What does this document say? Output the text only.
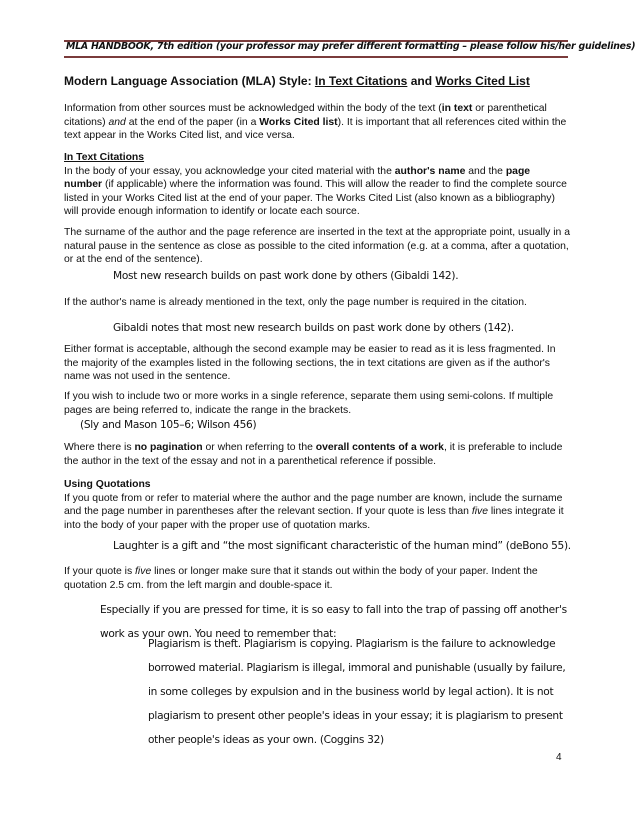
MLA HANDBOOK, 7th edition (your professor may prefer different formatting – please follow his/her guidelines)
Modern Language Association (MLA) Style: In Text Citations and Works Cited List
Information from other sources must be acknowledged within the body of the text (in text or parenthetical citations) and at the end of the paper (in a Works Cited list). It is important that all references cited within the text appear in the Works Cited list, and vice versa.
In Text Citations
In the body of your essay, you acknowledge your cited material with the author's name and the page number (if applicable) where the information was found. This will allow the reader to find the complete source listed in your Works Cited list at the end of your paper. The Works Cited List (also known as a bibliography) will provide enough information to identify or locate each source.
The surname of the author and the page reference are inserted in the text at the appropriate point, usually in a natural pause in the sentence as close as possible to the cited information (e.g. at a comma, after a quotation, or at the end of the sentence).
Most new research builds on past work done by others (Gibaldi 142).
If the author's name is already mentioned in the text, only the page number is required in the citation.
Gibaldi notes that most new research builds on past work done by others (142).
Either format is acceptable, although the second example may be easier to read as it is less fragmented. In the majority of the examples listed in the following sections, the in text citations are given as if the author's name was not used in the sentence.
If you wish to include two or more works in a single reference, separate them using semi-colons. If multiple pages are being referred to, indicate the range in the brackets.
(Sly and Mason 105–6; Wilson 456)
Where there is no pagination or when referring to the overall contents of a work, it is preferable to include the author in the text of the essay and not in a parenthetical reference if possible.
Using Quotations
If you quote from or refer to material where the author and the page number are known, include the surname and the page number in parentheses after the relevant section. If your quote is less than five lines integrate it into the body of your paper with the proper use of quotation marks.
Laughter is a gift and “the most significant characteristic of the human mind” (deBono 55).
If your quote is five lines or longer make sure that it stands out within the body of your paper. Indent the quotation 2.5 cm. from the left margin and double-space it.
Especially if you are pressed for time, it is so easy to fall into the trap of passing off another's work as your own. You need to remember that:
Plagiarism is theft. Plagiarism is copying. Plagiarism is the failure to acknowledge borrowed material. Plagiarism is illegal, immoral and punishable (usually by failure, in some colleges by expulsion and in the business world by legal action). It is not plagiarism to present other people's ideas in your essay; it is plagiarism to present other people's ideas as your own. (Coggins 32)
4
